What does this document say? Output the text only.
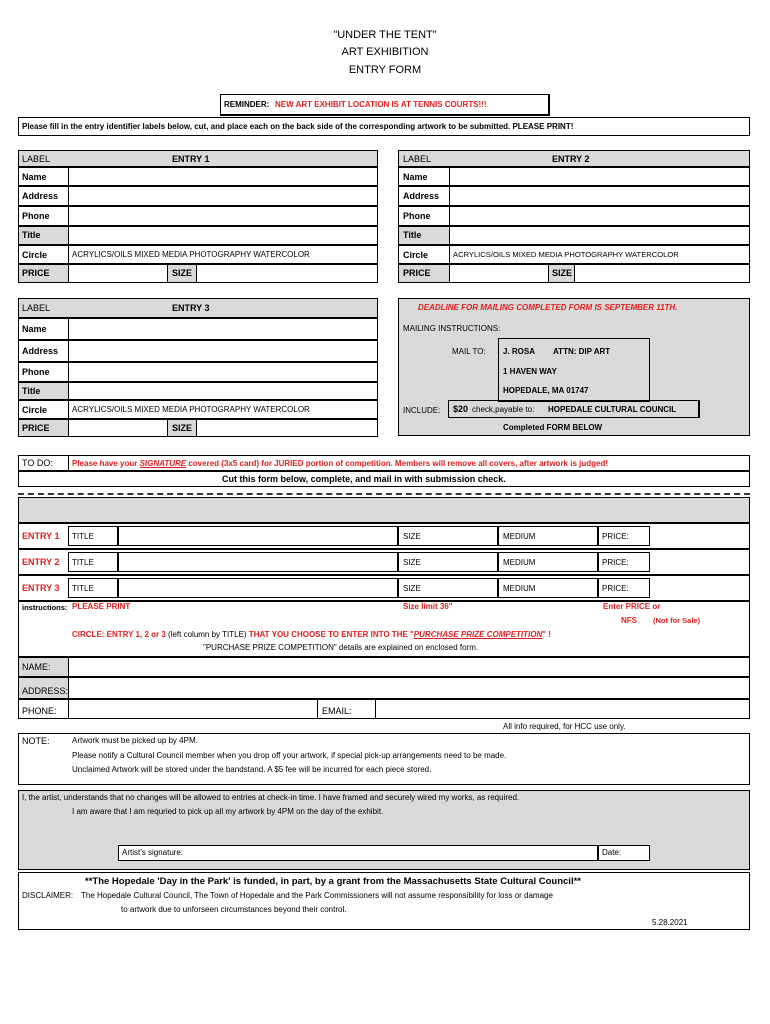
"UNDER THE TENT"
ART EXHIBITION
ENTRY FORM
REMINDER: NEW ART EXHIBIT LOCATION IS AT TENNIS COURTS!!!
Please fill in the entry identifier labels below, cut, and place each on the back side of the corresponding artwork to be submitted. PLEASE PRINT!
LABEL	ENTRY 1
Name
Address
Phone
Title
Circle	ACRYLICS/OILS MIXED MEDIA PHOTOGRAPHY WATERCOLOR
PRICE	SIZE
LABEL	ENTRY 2
Name
Address
Phone
Title
Circle	ACRYLICS/OILS MIXED MEDIA PHOTOGRAPHY WATERCOLOR
PRICE	SIZE
LABEL	ENTRY 3
Name
Address
Phone
Title
Circle	ACRYLICS/OILS MIXED MEDIA PHOTOGRAPHY WATERCOLOR
PRICE	SIZE
DEADLINE FOR MAILING COMPLETED FORM IS SEPTEMBER 11TH.
MAILING INSTRUCTIONS:
MAIL TO: J. ROSA ATTN: DIP ART
1 HAVEN WAY
HOPEDALE, MA 01747
INCLUDE: $20 check,payable to: HOPEDALE CULTURAL COUNCIL
Completed FORM BELOW
TO DO: Please have your SIGNATURE covered (3x5 card) for JURIED portion of competition. Members will remove all covers, after artwork is judged!
Cut this form below, complete, and mail in with submission check.
ENTRY 1 TITLE	SIZE	MEDIUM	PRICE:
ENTRY 2 TITLE	SIZE	MEDIUM	PRICE:
ENTRY 3 TITLE	SIZE	MEDIUM	PRICE:
instructions: PLEASE PRINT	Size limit 36"	Enter PRICE or
NFS (Not for Sale)
CIRCLE: ENTRY 1, 2 or 3 (left column by TITLE) THAT YOU CHOOSE TO ENTER INTO THE "PURCHASE PRIZE COMPETITION" !
"PURCHASE PRIZE COMPETITION" details are explained on enclosed form.
NAME:
ADDRESS:
PHONE:	EMAIL:
All info required, for HCC use only.
NOTE:	Artwork must be picked up by 4PM.
Please notify a Cultural Council member when you drop off your artwork, if special pick-up arrangements need to be made.
Unclaimed Artwork will be stored under the bandstand. A $5 fee will be incurred for each piece stored.
I, the artist, understands that no changes will be allowed to entries at check-in time. I have framed and securely wired my works, as required.
I am aware that I am requried to pick up all my artwork by 4PM on the day of the exhibit.
Artist's signature:	Date:
**The Hopedale 'Day in the Park' is funded, in part, by a grant from the Massachusetts State Cultural Council**
DISCLAIMER: The Hopedale Cultural Council, The Town of Hopedale and the Park Commissioners will not assume responsibility for loss or damage
to artwork due to unforseen circumstances beyond their control.
5.28.2021
